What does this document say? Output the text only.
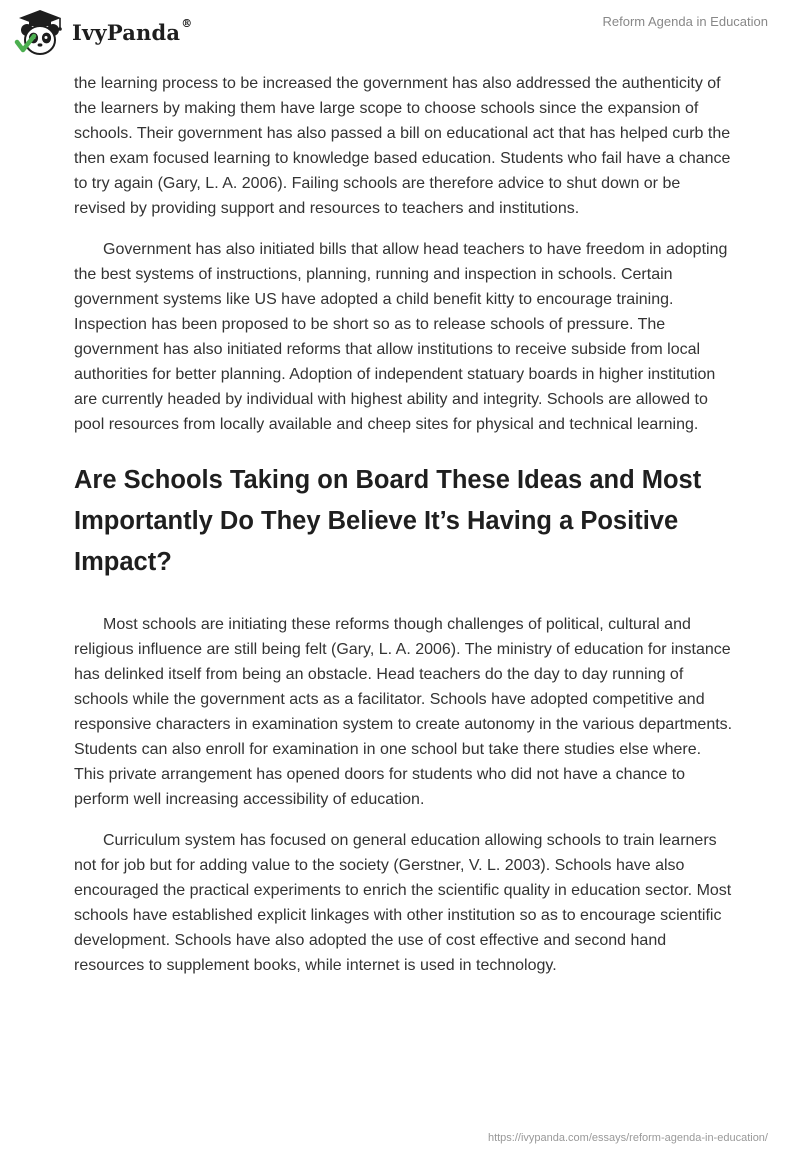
IvyPanda®	Reform Agenda in Education

the learning process to be increased the government has also addressed the authenticity of the learners by making them have large scope to choose schools since the expansion of schools. Their government has also passed a bill on educational act that has helped curb the then exam focused learning to knowledge based education. Students who fail have a chance to try again (Gary, L. A. 2006). Failing schools are therefore advice to shut down or be revised by providing support and resources to teachers and institutions.

Government has also initiated bills that allow head teachers to have freedom in adopting the best systems of instructions, planning, running and inspection in schools. Certain government systems like US have adopted a child benefit kitty to encourage training. Inspection has been proposed to be short so as to release schools of pressure. The government has also initiated reforms that allow institutions to receive subside from local authorities for better planning. Adoption of independent statuary boards in higher institution are currently headed by individual with highest ability and integrity. Schools are allowed to pool resources from locally available and cheep sites for physical and technical learning.

Are Schools Taking on Board These Ideas and Most Importantly Do They Believe It’s Having a Positive Impact?

Most schools are initiating these reforms though challenges of political, cultural and religious influence are still being felt (Gary, L. A. 2006). The ministry of education for instance has delinked itself from being an obstacle. Head teachers do the day to day running of schools while the government acts as a facilitator. Schools have adopted competitive and responsive characters in examination system to create autonomy in the various departments. Students can also enroll for examination in one school but take there studies else where. This private arrangement has opened doors for students who did not have a chance to perform well increasing accessibility of education.

Curriculum system has focused on general education allowing schools to train learners not for job but for adding value to the society (Gerstner, V. L. 2003). Schools have also encouraged the practical experiments to enrich the scientific quality in education sector. Most schools have established explicit linkages with other institution so as to encourage scientific development. Schools have also adopted the use of cost effective and second hand resources to supplement books, while internet is used in technology.

https://ivypanda.com/essays/reform-agenda-in-education/
